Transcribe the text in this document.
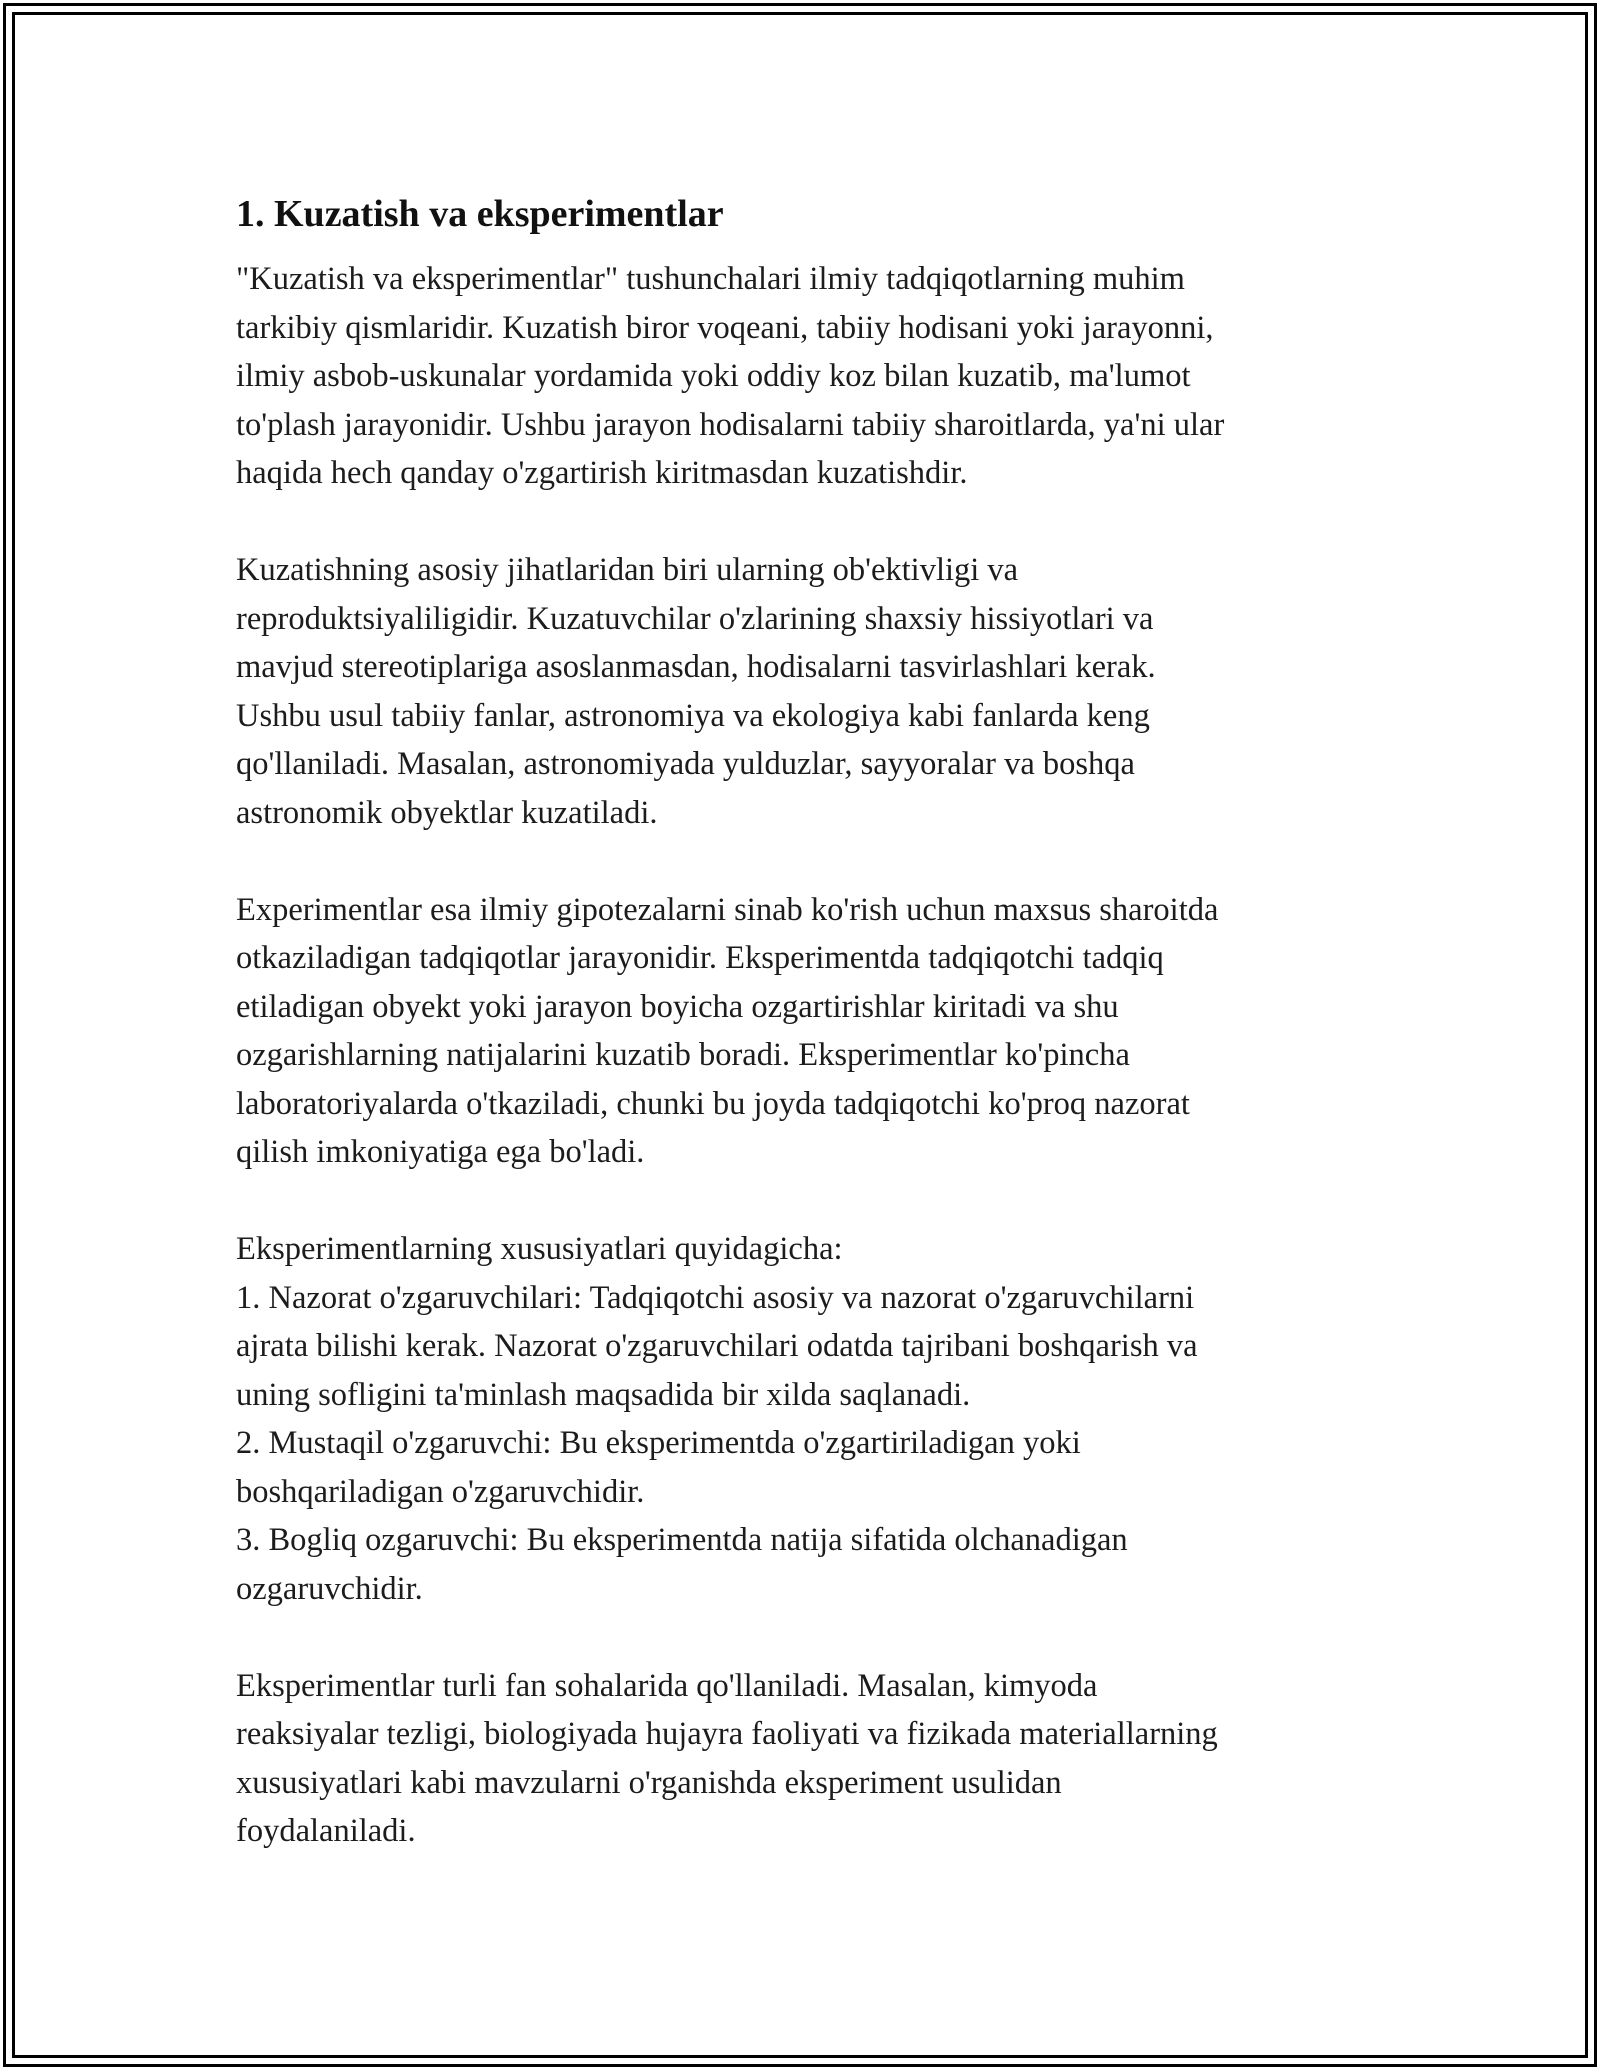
1. Kuzatish va eksperimentlar

"Kuzatish va eksperimentlar" tushunchalari ilmiy tadqiqotlarning muhim
tarkibiy qismlaridir. Kuzatish biror voqeani, tabiiy hodisani yoki jarayonni,
ilmiy asbob-uskunalar yordamida yoki oddiy koz bilan kuzatib, ma'lumot
to'plash jarayonidir. Ushbu jarayon hodisalarni tabiiy sharoitlarda, ya'ni ular
haqida hech qanday o'zgartirish kiritmasdan kuzatishdir.

Kuzatishning asosiy jihatlaridan biri ularning ob'ektivligi va
reproduktsiyaliligidir. Kuzatuvchilar o'zlarining shaxsiy hissiyotlari va
mavjud stereotiplariga asoslanmasdan, hodisalarni tasvirlashlari kerak.
Ushbu usul tabiiy fanlar, astronomiya va ekologiya kabi fanlarda keng
qo'llaniladi. Masalan, astronomiyada yulduzlar, sayyoralar va boshqa
astronomik obyektlar kuzatiladi.

Experimentlar esa ilmiy gipotezalarni sinab ko'rish uchun maxsus sharoitda
otkaziladigan tadqiqotlar jarayonidir. Eksperimentda tadqiqotchi tadqiq
etiladigan obyekt yoki jarayon boyicha ozgartirishlar kiritadi va shu
ozgarishlarning natijalarini kuzatib boradi. Eksperimentlar ko'pincha
laboratoriyalarda o'tkaziladi, chunki bu joyda tadqiqotchi ko'proq nazorat
qilish imkoniyatiga ega bo'ladi.

Eksperimentlarning xususiyatlari quyidagicha:

1. Nazorat o'zgaruvchilari: Tadqiqotchi asosiy va nazorat o'zgaruvchilarni
ajrata bilishi kerak. Nazorat o'zgaruvchilari odatda tajribani boshqarish va
uning sofligini ta'minlash maqsadida bir xilda saqlanadi.

2. Mustaqil o'zgaruvchi: Bu eksperimentda o'zgartiriladigan yoki
boshqariladigan o'zgaruvchidir.

3. Bogliq ozgaruvchi: Bu eksperimentda natija sifatida olchanadigan
ozgaruvchidir.

Eksperimentlar turli fan sohalarida qo'llaniladi. Masalan, kimyoda
reaksiyalar tezligi, biologiyada hujayra faoliyati va fizikada materiallarning
xususiyatlari kabi mavzularni o'rganishda eksperiment usulidan
foydalaniladi.
